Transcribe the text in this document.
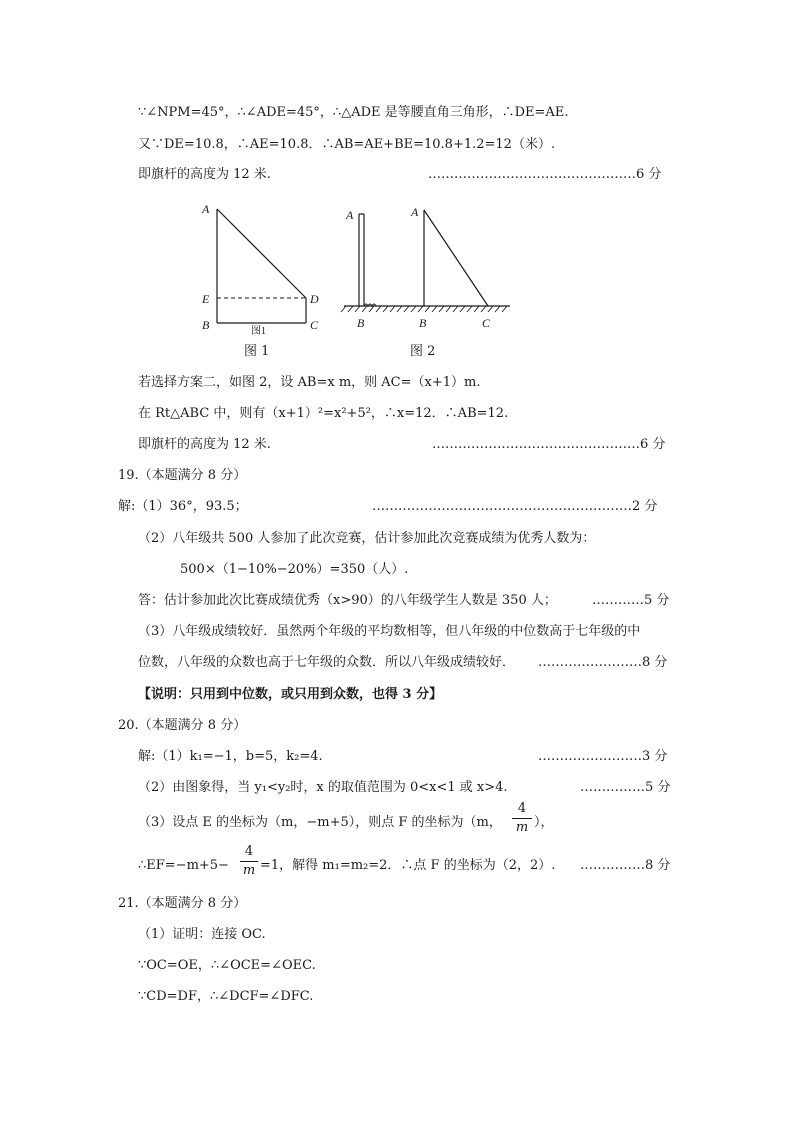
∵∠NPM=45°，∴∠ADE=45°，∴△ADE 是等腰直角三角形，∴DE=AE.
又∵DE=10.8，∴AE=10.8．∴AB=AE+BE=10.8+1.2=12（米）.
即旗杆的高度为 12 米.	…………………………………………6 分
A
E	D
B	C
图1
A
B
A
B	C
图 1	图 2
若选择方案二，如图 2，设 AB=x m，则 AC=（x+1）m.
在 Rt△ABC 中，则有（x+1）²=x²+5²，∴x=12．∴AB=12.
即旗杆的高度为 12 米.	…………………………………………6 分
19.（本题满分 8 分）
解:（1）36°，93.5；	……………………………………………………2 分
（2）八年级共 500 人参加了此次竞赛，估计参加此次竞赛成绩为优秀人数为：
500×（1−10%−20%）=350（人）.
答：估计参加此次比赛成绩优秀（x>90）的八年级学生人数是 350 人；	…………5 分
（3）八年级成绩较好．虽然两个年级的平均数相等，但八年级的中位数高于七年级的中
位数，八年级的众数也高于七年级的众数．所以八年级成绩较好． ……………………8 分
【说明：只用到中位数，或只用到众数，也得 3 分】
20.（本题满分 8 分）
解:（1）k₁=−1，b=5，k₂=4.	……………………3 分
（2）由图象得，当 y₁<y₂时，x 的取值范围为 0<x<1 或 x>4.	……………5 分
（3）设点 E 的坐标为（m，−m+5），则点 F 的坐标为（m，
4
m ），
∴EF=−m+5−
4
m =1，解得 m₁=m₂=2．∴点 F 的坐标为（2，2）. ……………8 分
21.（本题满分 8 分）
（1）证明：连接 OC.
∵OC=OE，∴∠OCE=∠OEC.
∵CD=DF，∴∠DCF=∠DFC.
